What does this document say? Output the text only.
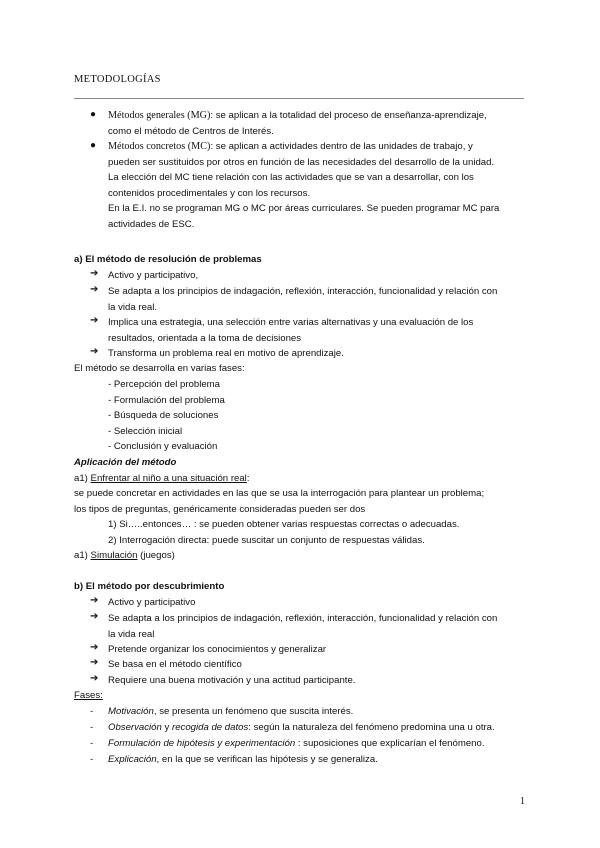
METODOLOGÍAS
● Métodos generales (MG): se aplican a la totalidad del proceso de enseñanza-aprendizaje,
como el método de Centros de Interés.
● Métodos concretos (MC): se aplican a actividades dentro de las unidades de trabajo, y
pueden ser sustituidos por otros en función de las necesidades del desarrollo de la unidad.
La elección del MC tiene relación con las actividades que se van a desarrollar, con los
contenidos procedimentales y con los recursos.
En la E.I. no se programan MG o MC por áreas curriculares. Se pueden programar MC para
actividades de ESC.
a) El método de resolución de problemas
➔ Activo y participativo,
➔ Se adapta a los principios de indagación, reflexión, interacción, funcionalidad y relación con
la vida real.
➔ Implica una estrategia, una selección entre varias alternativas y una evaluación de los
resultados, orientada a la toma de decisiones
➔ Transforma un problema real en motivo de aprendizaje.
El método se desarrolla en varias fases:
- Percepción del problema
- Formulación del problema
- Búsqueda de soluciones
- Selección inicial
- Conclusión y evaluación
Aplicación del método
a1) Enfrentar al niño a una situación real:
se puede concretar en actividades en las que se usa la interrogación para plantear un problema;
los tipos de preguntas, genéricamente consideradas pueden ser dos
1) Si…..entonces… : se pueden obtener varias respuestas correctas o adecuadas.
2) Interrogación directa: puede suscitar un conjunto de respuestas válidas.
a1) Simulación (juegos)
b) El método por descubrimiento
➔ Activo y participativo
➔ Se adapta a los principios de indagación, reflexión, interacción, funcionalidad y relación con
la vida real
➔ Pretende organizar los conocimientos y generalizar
➔ Se basa en el método científico
➔ Requiere una buena motivación y una actitud participante.
Fases:
- Motivación, se presenta un fenómeno que suscita interés.
- Observación y recogida de datos: según la naturaleza del fenómeno predomina una u otra.
- Formulación de hipótesis y experimentación : suposiciones que explicarían el fenómeno.
- Explicación, en la que se verifican las hipótesis y se generaliza.
1
